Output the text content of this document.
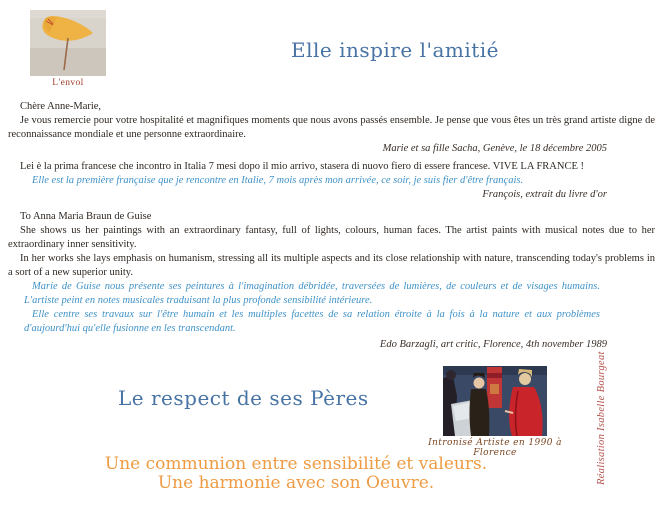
L'envol
Elle inspire l'amitié

Chère Anne-Marie,

Je vous remercie pour votre hospitalité et magnifiques moments que nous avons passés ensemble. Je pense que vous êtes un très grand artiste digne de reconnaissance mondiale et une personne extraordinaire.

Marie et sa fille Sacha, Genève, le 18 décembre 2005

Lei è la prima francese che incontro in Italia 7 mesi dopo il mio arrivo, stasera di nuovo fiero di essere francese. VIVE LA FRANCE !

Elle est la première française que je rencontre en Italie, 7 mois après mon arrivée, ce soir, je suis fier d'être français.

François, extrait du livre d'or

To Anna Maria Braun de Guise

She shows us her paintings with an extraordinary fantasy, full of lights, colours, human faces. The artist paints with musical notes due to her extraordinary inner sensitivity.

In her works she lays emphasis on humanism, stressing all its multiple aspects and its close relationship with nature, transcending today's problems in a sort of a new superior unity.

Marie de Guise nous présente ses peintures à l'imagination débridée, traversées de lumières, de couleurs et de visages humains. L'artiste peint en notes musicales traduisant la plus profonde sensibilité intérieure.

Elle centre ses travaux sur l'être humain et les multiples facettes de sa relation étroite à la fois à la nature et aux problèmes d'aujourd'hui qu'elle fusionne en les transcendant.

Edo Barzagli, art critic, Florence, 4th november 1989

Le respect de ses Pères
Intronisé Artiste en 1990 à Florence
Une communion entre sensibilité et valeurs.
Une harmonie avec son Oeuvre.	Réalisation Isabelle Bourgeat
